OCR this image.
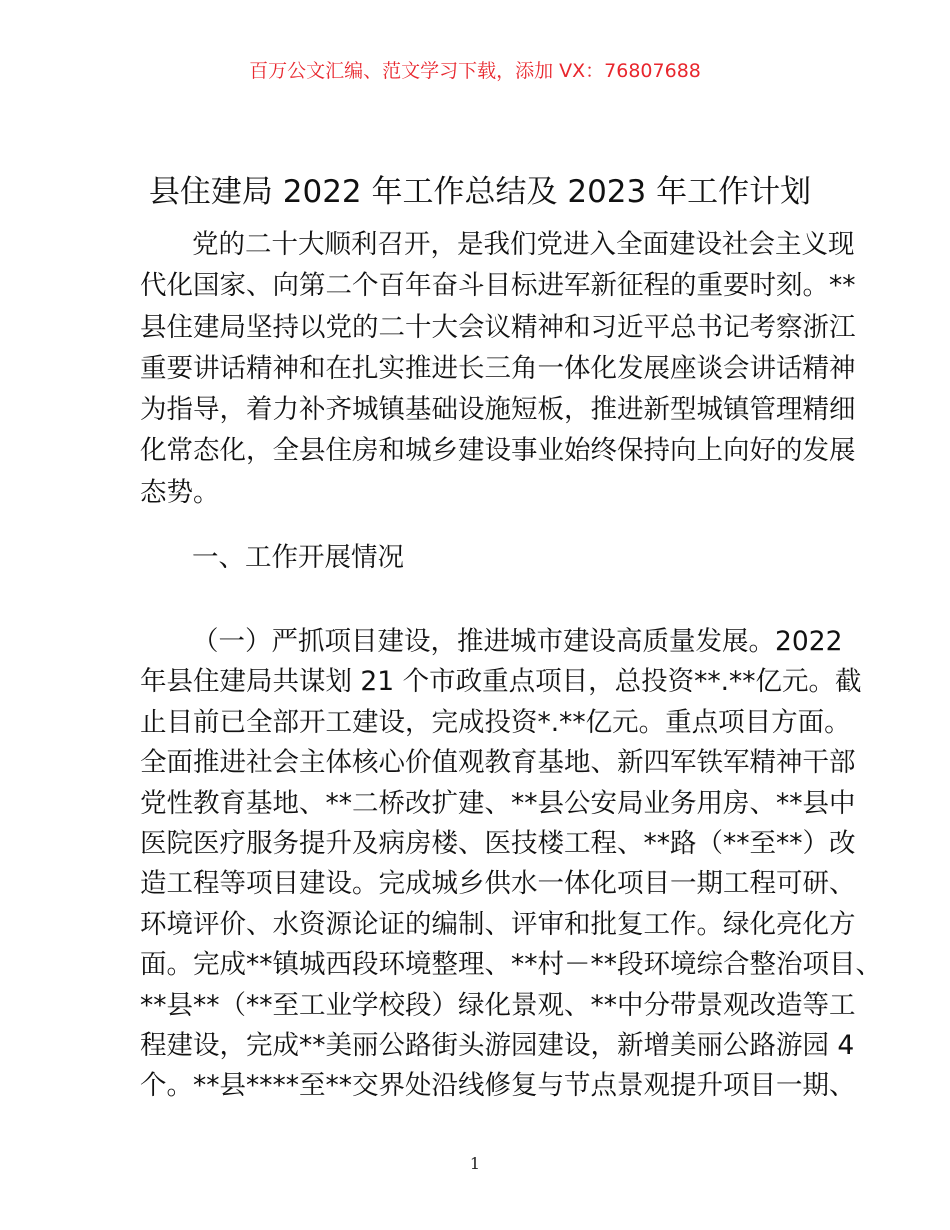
百万公文汇编、范文学习下载，添加 VX：76807688
县住建局 2022 年工作总结及 2023 年工作计划
党的二十大顺利召开，是我们党进入全面建设社会主义现
代化国家、向第二个百年奋斗目标进军新征程的重要时刻。**
县住建局坚持以党的二十大会议精神和习近平总书记考察浙江
重要讲话精神和在扎实推进长三角一体化发展座谈会讲话精神
为指导，着力补齐城镇基础设施短板，推进新型城镇管理精细
化常态化，全县住房和城乡建设事业始终保持向上向好的发展
态势。
一、工作开展情况
（一）严抓项目建设，推进城市建设高质量发展。2022
年县住建局共谋划 21 个市政重点项目，总投资**.**亿元。截
止目前已全部开工建设，完成投资*.**亿元。重点项目方面。
全面推进社会主体核心价值观教育基地、新四军铁军精神干部
党性教育基地、**二桥改扩建、**县公安局业务用房、**县中
医院医疗服务提升及病房楼、医技楼工程、**路（**至**）改
造工程等项目建设。完成城乡供水一体化项目一期工程可研、
环境评价、水资源论证的编制、评审和批复工作。绿化亮化方
面。完成**镇城西段环境整理、**村－**段环境综合整治项目、
**县**（**至工业学校段）绿化景观、**中分带景观改造等工
程建设，完成**美丽公路街头游园建设，新增美丽公路游园 4
个。**县****至**交界处沿线修复与节点景观提升项目一期、
1
